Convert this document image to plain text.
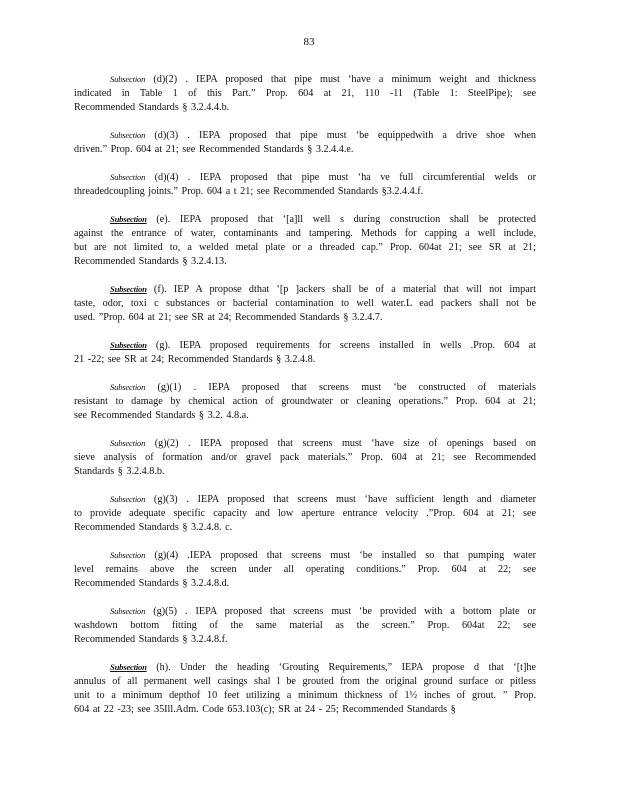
83
Subsection (d)(2) . IEPA proposed that pipe must ‘have a minimum weight and thickness
indicated in Table 1 of this Part.” Prop. 604 at 21, 110 -11 (Table 1: SteelPipe); see
Recommended Standards § 3.2.4.4.b.
Subsection (d)(3) . IEPA proposed that pipe must ‘be equippedwith a drive shoe when
driven.” Prop. 604 at 21; see Recommended Standards § 3.2.4.4.e.
Subsection (d)(4) . IEPA proposed that pipe must ‘ha ve full circumferential welds or
threadedcoupling joints.” Prop. 604 a t 21; see Recommended Standards §3.2.4.4.f.
Subsection (e). IEPA proposed that ‘[a]ll well s during construction shall be protected
against the entrance of water, contaminants and tampering. Methods for capping a well include,
but are not limited to, a welded metal plate or a threaded cap.” Prop. 604at 21; see SR at 21;
Recommended Standards § 3.2.4.13.
Subsection (f). IEP A propose dthat ‘[p ]ackers shall be of a material that will not impart
taste, odor, toxi c substances or bacterial contamination to well water.L ead packers shall not be
used. ”Prop. 604 at 21; see SR at 24; Recommended Standards § 3.2.4.7.
Subsection (g). IEPA proposed requirements for screens installed in wells .Prop. 604 at
21 -22; see SR at 24; Recommended Standards § 3.2.4.8.
Subsection (g)(1) . IEPA proposed that screens must ‘be constructed of materials
resistant to damage by chemical action of groundwater or cleaning operations.” Prop. 604 at 21;
see Recommended Standards § 3.2. 4.8.a.
Subsection (g)(2) . IEPA proposed that screens must ‘have size of openings based on
sieve analysis of formation and/or gravel pack materials.” Prop. 604 at 21; see Recommended
Standards § 3.2.4.8.b.
Subsection (g)(3) . IEPA proposed that screens must ‘have sufficient length and diameter
to provide adequate specific capacity and low aperture entrance velocity .”Prop. 604 at 21; see
Recommended Standards § 3.2.4.8. c.
Subsection (g)(4) .IEPA proposed that screens must ‘be installed so that pumping water
level remains above the screen under all operating conditions.” Prop. 604 at 22; see
Recommended Standards § 3.2.4.8.d.
Subsection (g)(5) . IEPA proposed that screens must ‘be provided with a bottom plate or
washdown bottom fitting of the same material as the screen.” Prop. 604at 22; see
Recommended Standards § 3.2.4.8.f.
Subsection (h). Under the heading ‘Grouting Requirements,” IEPA propose d that ‘[t]he
annulus of all permanent well casings shal l be grouted from the original ground surface or pitless
unit to a minimum depthof 10 feet utilizing a minimum thickness of 1½ inches of grout. ” Prop.
604 at 22 -23; see 35Ill.Adm. Code 653.103(c); SR at 24 - 25; Recommended Standards §
